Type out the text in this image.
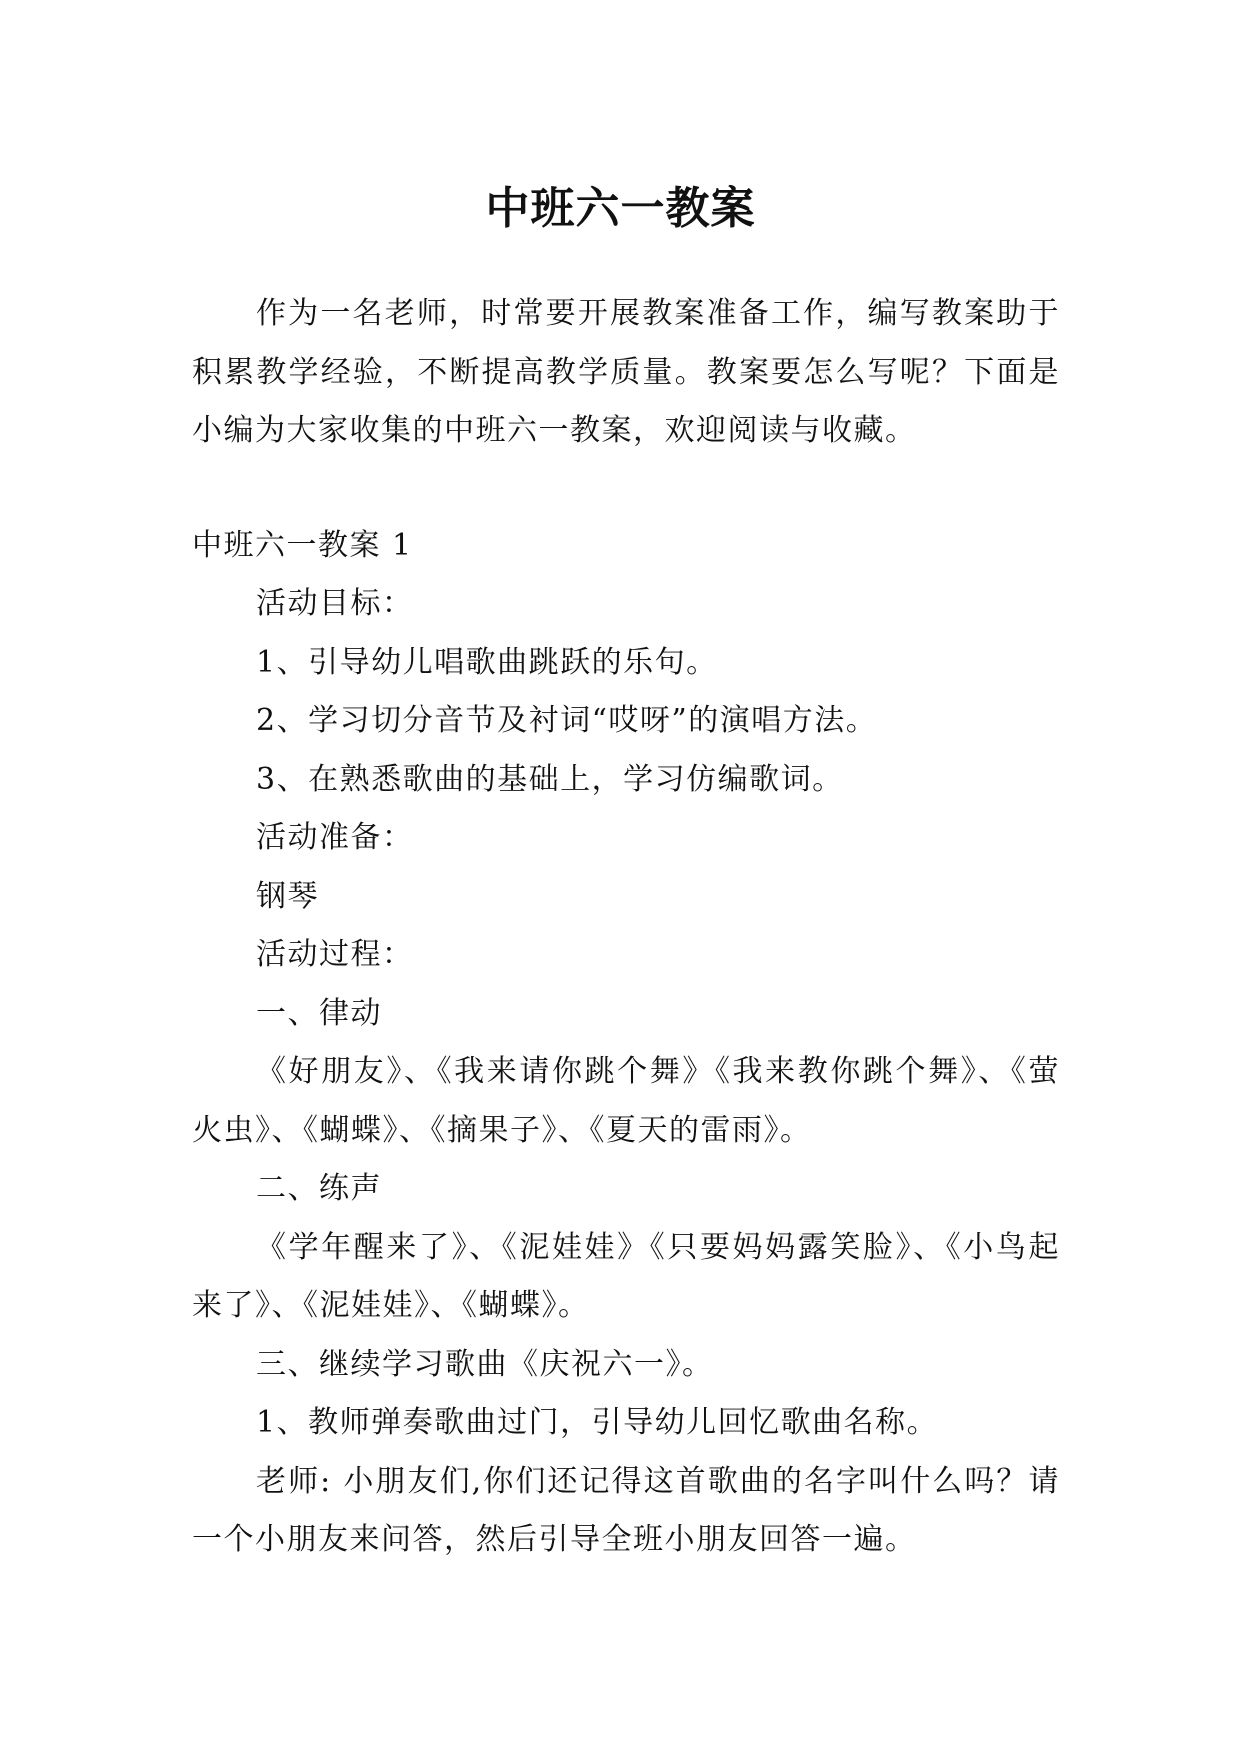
中班六一教案

作为一名老师，时常要开展教案准备工作，编写教案助于积累教学经验，不断提高教学质量。教案要怎么写呢？下面是小编为大家收集的中班六一教案，欢迎阅读与收藏。

中班六一教案 1

活动目标：

1、引导幼儿唱歌曲跳跃的乐句。

2、学习切分音节及衬词“哎呀”的演唱方法。

3、在熟悉歌曲的基础上，学习仿编歌词。

活动准备：

钢琴

活动过程：

一、律动

《好朋友》、《我来请你跳个舞》《我来教你跳个舞》、《萤火虫》、《蝴蝶》、《摘果子》、《夏天的雷雨》。

二、练声

《学年醒来了》、《泥娃娃》《只要妈妈露笑脸》、《小鸟起来了》、《泥娃娃》、《蝴蝶》。

三、继续学习歌曲《庆祝六一》。

1、教师弹奏歌曲过门，引导幼儿回忆歌曲名称。

老师: 小朋友们,你们还记得这首歌曲的名字叫什么吗？请一个小朋友来问答，然后引导全班小朋友回答一遍。
